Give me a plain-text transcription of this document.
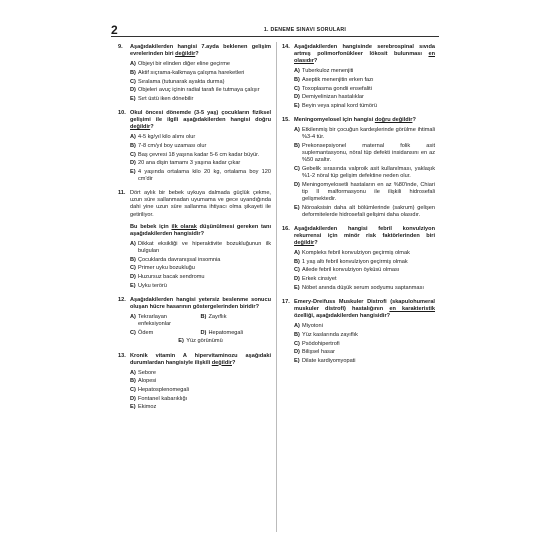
2	1. DENEME SINAVI SORULARI
9.	Aşağıdakilerden hangisi 7.ayda beklenen gelişim evrelerinden biri değildir?
A) Objeyi bir elinden diğer eline geçirme
B) Aktif sıçrama-kalkmaya çalışma hareketleri
C) Sıralama (tutunarak ayakta durma)
D) Objeleri avuç içinin radial tarafı ile tutmaya çalışır
E) Sırt üstü iken dönebilir
10. Okul öncesi dönemde (3-5 yaş) çocukların fiziksel gelişimi ile ilgili aşağıdakilerden hangisi doğru değildir?
A) 4-5 kg/yıl kilo alımı olur
B) 7-8 cm/yıl boy uzaması olur
C) Baş çevresi 18 yaşına kadar 5-6 cm kadar büyür.
D) 20 ana dişin tamamı 3 yaşına kadar çıkar
E) 4 yaşında ortalama kilo 20 kg, ortalama boy 120 cm'dir
11. Dört aylık bir bebek uykuya dalmada güçlük çekme, uzun süre sallanmadan uyumama ve gece uyandığında dahi yine uzun süre sallanma ihtiyacı olma şikayeti ile getiriliyor.
Bu bebek için ilk olarak düşünülmesi gereken tanı aşağıdakilerden hangisidir?
A) Dikkat eksikliği ve hiperaktivite bozukluğunun ilk bulguları
B) Çocuklarda davranışsal insomnia
C) Primer uyku bozukluğu
D) Huzursuz bacak sendromu
E) Uyku terörü
12. Aşağıdakilerden hangisi yetersiz beslenme sonucu oluşan hücre hasarının göstergelerinden biridir?
A) Tekrarlayan enfeksiyonlar
B) Zayıflık
C) Ödem	D) Hepatomegali
E) Yüz görünümü
13. Kronik vitamin A hipervitaminozu aşağıdaki durumlardan hangisiyle ilişkili değildir?
A) Sebore
B) Alopesi
C) Hepatosplenomegali
D) Fontanel kabarıklığı
E) Ekimoz
14. Aşağıdakilerden hangisinde serebrospinal sıvıda artmış polimorfonükleer lökosit bulunması en olasıdır?
A) Tuberkuloz menenjiti
B) Aseptik menenjitin erken fazı
C) Toxoplasma gondii ensefaliti
D) Demiyelinizan hastalıklar
E) Beyin veya spinal kord tümörü
15. Meningomyelosel için hangisi doğru değildir?
A) Etkilenmiş bir çocuğun kardeşlerinde görülme ihtimali %3-4 tür.
B) Prekonsepsiyonel maternal folik asit suplemantasyonu, nöral tüp defekti insidansını en az %50 azaltır.
C) Gebelik sırasında valproik asit kullanılması, yaklaşık %1-2 nöral tüp gelişim defektine neden olur.
D) Meningomyelosetli hastaların en az %80'inde, Chiari tip II malformasyonu ile ilişkili hidrosefali gelişmektedir.
E) Nöroaksisin daha alt bölümlerinde (sakrum) gelişen deformitelerde hidrosefali gelişimi daha olasıdır.
16. Aşağıdakilerden hangisi febril konvulziyon rekurrensi için minör risk faktörlerinden biri değildir?
A) Kompleks febril konvulziyon geçirmiş olmak
B) 1 yaş altı febril konvulziyon geçirmiş olmak
C) Ailede febril konvulziyon öyküsü olması
D) Erkek cinsiyet
E) Nöbet anında düşük serum sodyumu saptanması
17. Emery-Dreifuss Muskuler Distrofi (skapulohumeral muskuler distrofi) hastalığının en karakteristik özelliği, aşağıdakilerden hangisidir?
A) Miyotoni
B) Yüz kaslarında zayıflık
C) Psödohipertrofi
D) Bilişsel hasar
E) Dilate kardiyomyopati
